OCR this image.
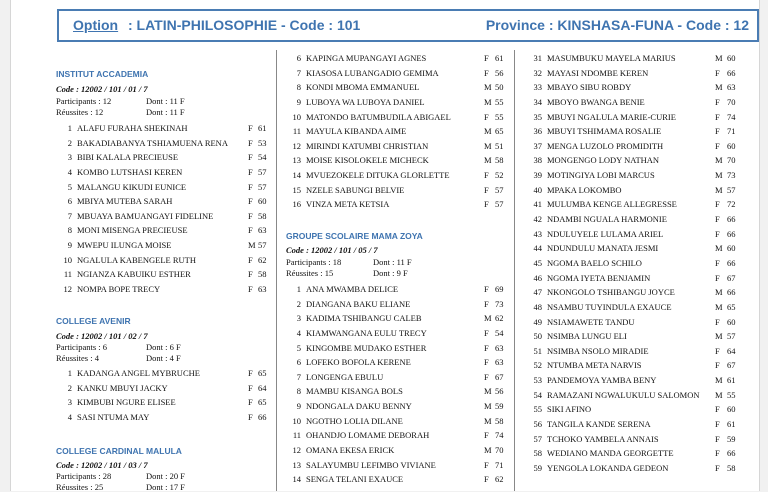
Option : LATIN-PHILOSOPHIE - Code : 101	Province : KINSHASA-FUNA - Code : 12
INSTITUT ACCADEMIA
Code : 12002 / 101 / 01 / 7
Participants : 12	Dont : 11 F
Réussites : 12	Dont : 11 F
1 ALAFU FURAHA SHEKINAH	F 61
2 BAKADIABANYA TSHIAMUENA RENA F 53
3 BIBI KALALA PRECIEUSE	F 54
4 KOMBO LUTSHASI KEREN	F 57
5 MALANGU KIKUDI EUNICE	F 57
6 MBIYA MUTEBA SARAH	F 60
7 MBUAYA BAMUANGAYI FIDELINE	F 58
8 MONI MISENGA PRECIEUSE	F 63
9 MWEPU ILUNGA MOISE	M 57
10 NGALULA KABENGELE RUTH	F 62
11 NGIANZA KABUIKU ESTHER	F 58
12 NOMPA BOPE TRECY	F 63
COLLEGE AVENIR
Code : 12002 / 101 / 02 / 7
Participants : 6	Dont : 6 F
Réussites : 4	Dont : 4 F
1 KADANGA ANGEL MYBRUCHE	F 65
2 KANKU MBUYI JACKY	F 64
3 KIMBUBI NGURE ELISEE	F 65
4 SASI NTUMA MAY	F 66
COLLEGE CARDINAL MALULA
Code : 12002 / 101 / 03 / 7
Participants : 28	Dont : 20 F
Réussites : 25	Dont : 17 F
6 KAPINGA MUPANGAYI AGNES	F 61
7 KIASOSA LUBANGADIO GEMIMA	F 56
8 KONDI MBOMA EMMANUEL	M 50
9 LUBOYA WA LUBOYA DANIEL	M 55
10 MATONDO BATUMBUDILA ABIGAEL	F 55
11 MAYULA KIBANDA AIME	M 65
12 MIRINDI KATUMBI CHRISTIAN	M 51
13 MOISE KISOLOKELE MICHECK	M 58
14 MVUEZOKELE DITUKA GLORLETTE	F 52
15 NZELE SABUNGI BELVIE	F 57
16 VINZA META KETSIA	F 57
GROUPE SCOLAIRE MAMA ZOYA
Code : 12002 / 101 / 05 / 7
Participants : 18	Dont : 11 F
Réussites : 15	Dont : 9 F
1 ANA MWAMBA DELICE	F 69
2 DIANGANA BAKU ELIANE	F 73
3 KADIMA TSHIBANGU CALEB	M 62
4 KIAMWANGANA EULU TRECY	F 54
5 KINGOMBE MUDAKO ESTHER	F 63
6 LOFEKO BOFOLA KERENE	F 63
7 LONGENGA EBULU	F 67
8 MAMBU KISANGA BOLS	M 56
9 NDONGALA DAKU BENNY	M 59
10 NGOTHO LOLIA DILANE	M 58
11 OHANDJO LOMAME DEBORAH	F 74
12 OMANA EKESA ERICK	M 70
13 SALAYUMBU LEFIMBO VIVIANE	F 71
14 SENGA TELANI EXAUCE	F 62
31 MASUMBUKU MAYELA MARIUS	M 60
32 MAYASI NDOMBE KEREN	F 66
33 MBAYO SIBU ROBDY	M 63
34 MBOYO BWANGA BENIE	F 70
35 MBUYI NGALULA MARIE-CURIE	F 74
36 MBUYI TSHIMAMA ROSALIE	F 71
37 MENGA LUZOLO PROMIDITH	F 60
38 MONGENGO LODY NATHAN	M 70
39 MOTINGIYA LOBI MARCUS	M 73
40 MPAKA LOKOMBO	M 57
41 MULUMBA KENGE ALLEGRESSE	F 72
42 NDAMBI NGUALA HARMONIE	F 66
43 NDULUYELE LULAMA ARIEL	F 66
44 NDUNDULU MANATA JESMI	M 60
45 NGOMA BAELO SCHILO	F 66
46 NGOMA IYETA BENJAMIN	F 67
47 NKONGOLO TSHIBANGU JOYCE	M 66
48 NSAMBU TUYINDULA EXAUCE	M 65
49 NSIAMAWETE TANDU	F 60
50 NSIMBA LUNGU ELI	M 57
51 NSIMBA NSOLO MIRADIE	F 64
52 NTUMBA META NARVIS	F 67
53 PANDEMOYA YAMBA BENY	M 61
54 RAMAZANI NGWALUKULU SALOMON M 55
55 SIKI AFINO	F 60
56 TANGILA KANDE SERENA	F 61
57 TCHOKO YAMBELA ANNAIS	F 59
58 WEDIANO MANDA GEORGETTE	F 66
59 YENGOLA LOKANDA GEDEON	F 58
